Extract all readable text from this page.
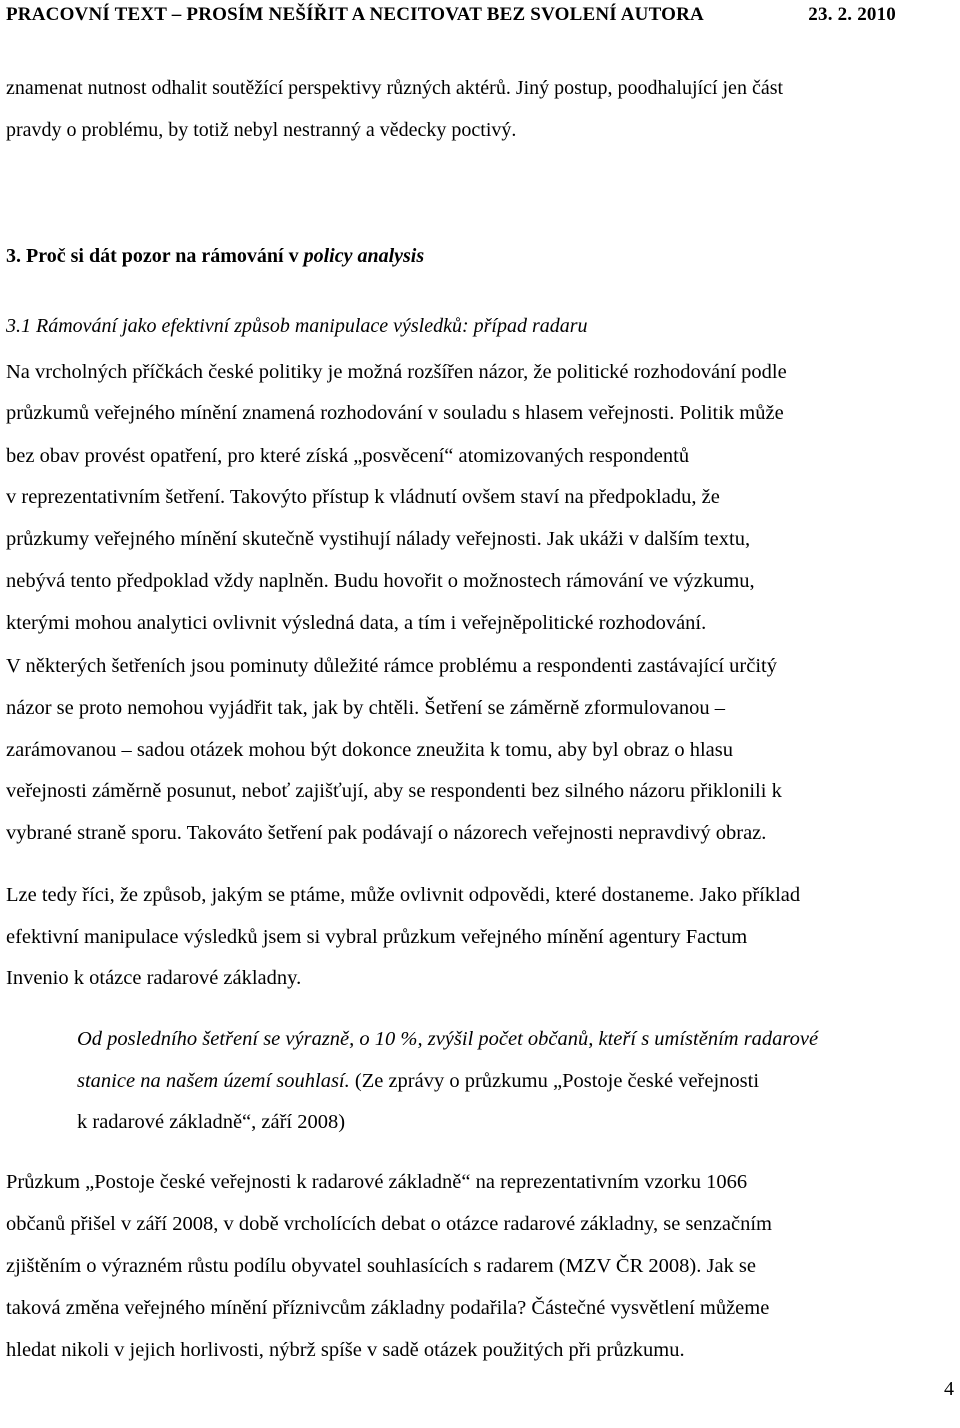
PRACOVNÍ TEXT – PROSÍM NEŠÍŘIT A NECITOVAT BEZ SVOLENÍ AUTORA	23. 2. 2010
znamenat nutnost odhalit soutěžící perspektivy různých aktérů. Jiný postup, poodhalující jen část
pravdy o problému, by totiž nebyl nestranný a vědecky poctivý.
3. Proč si dát pozor na rámování v policy analysis
3.1 Rámování jako efektivní způsob manipulace výsledků: případ radaru
Na vrcholných příčkách české politiky je možná rozšířen názor, že politické rozhodování podle
průzkumů veřejného mínění znamená rozhodování v souladu s hlasem veřejnosti. Politik může
bez obav provést opatření, pro které získá „posvěcení“ atomizovaných respondentů
v reprezentativním šetření. Takovýto přístup k vládnutí ovšem staví na předpokladu, že
průzkumy veřejného mínění skutečně vystihují nálady veřejnosti. Jak ukáži v dalším textu,
nebývá tento předpoklad vždy naplněn. Budu hovořit o možnostech rámování ve výzkumu,
kterými mohou analytici ovlivnit výsledná data, a tím i veřejněpolitické rozhodování.
V některých šetřeních jsou pominuty důležité rámce problému a respondenti zastávající určitý
názor se proto nemohou vyjádřit tak, jak by chtěli. Šetření se záměrně zformulovanou –
zarámovanou – sadou otázek mohou být dokonce zneužita k tomu, aby byl obraz o hlasu
veřejnosti záměrně posunut, neboť zajišťují, aby se respondenti bez silného názoru přiklonili k
vybrané straně sporu. Takováto šetření pak podávají o názorech veřejnosti nepravdivý obraz.
Lze tedy říci, že způsob, jakým se ptáme, může ovlivnit odpovědi, které dostaneme. Jako příklad
efektivní manipulace výsledků jsem si vybral průzkum veřejného mínění agentury Factum
Invenio k otázce radarové základny.
Od posledního šetření se výrazně, o 10 %, zvýšil počet občanů, kteří s umístěním radarové
stanice na našem území souhlasí. (Ze zprávy o průzkumu „Postoje české veřejnosti
k radarové základně“, září 2008)
Průzkum „Postoje české veřejnosti k radarové základně“ na reprezentativním vzorku 1066
občanů přišel v září 2008, v době vrcholících debat o otázce radarové základny, se senzačním
zjištěním o výrazném růstu podílu obyvatel souhlasících s radarem (MZV ČR 2008). Jak se
taková změna veřejného mínění příznivcům základny podařila? Částečné vysvětlení můžeme
hledat nikoli v jejich horlivosti, nýbrž spíše v sadě otázek použitých při průzkumu.
4
